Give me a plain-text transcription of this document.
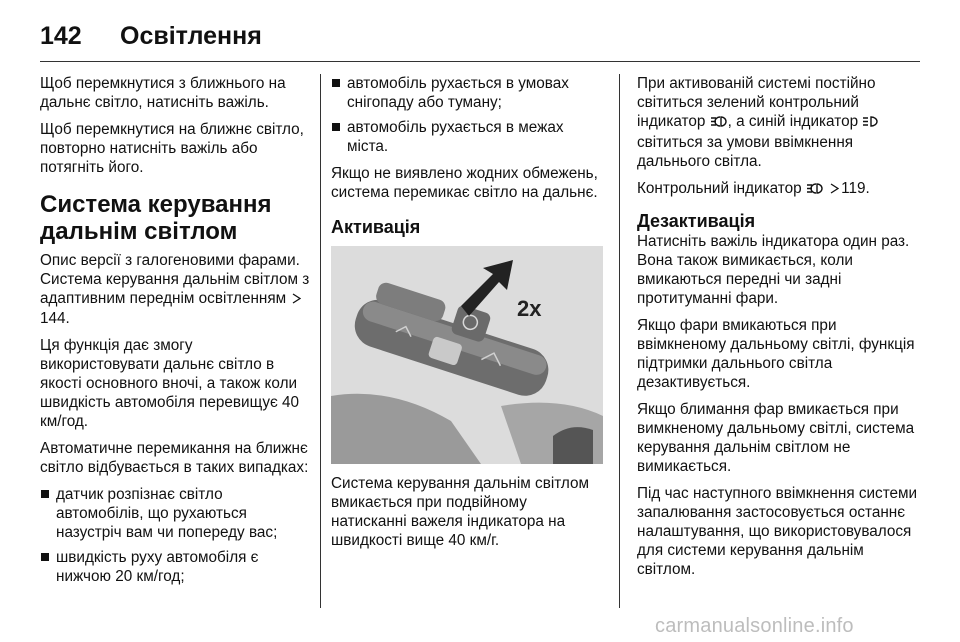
142	Освітлення

Щоб перемкнутися з ближнього на дальнє світло, натисніть важіль.

Щоб перемкнутися на ближнє світло, повторно натисніть важіль або потягніть його.

Система керування дальнім світлом

Опис версії з галогеновими фарами. Система керування дальнім світлом з адаптивним переднім освітленням 144.

Ця функція дає змогу використовувати дальнє світло в якості основного вночі, а також коли швидкість автомобіля перевищує 40 км/год.

Автоматичне перемикання на ближнє світло відбувається в таких випадках:

датчик розпізнає світло автомобілів, що рухаються назустріч вам чи попереду вас;
швидкість руху автомобіля є нижчою 20 км/год;
автомобіль рухається в умовах снігопаду або туману;
автомобіль рухається в межах міста.

Якщо не виявлено жодних обмежень, система перемикає світло на дальнє.

Активація
2x

Система керування дальнім світлом вмикається при подвійному натисканні важеля індикатора на швидкості вище 40 км/г.

При активованій системі постійно світиться зелений контрольний індикатор , а синій індикатор  світиться за умови ввімкнення дальнього світла.

Контрольний індикатор	119.

Дезактивація

Натисніть важіль індикатора один раз. Вона також вимикається, коли вмикаються передні чи задні протитуманні фари.

Якщо фари вмикаються при ввімкненому дальньому світлі, функція підтримки дальнього світла дезактивується.

Якщо блимання фар вмикається при вимкненому дальньому світлі, система керування дальнім світлом не вимикається.

Під час наступного ввімкнення системи запалювання застосовується останнє налаштування, що використовувалося для системи керування дальнім світлом.

carmanualsonline.info
